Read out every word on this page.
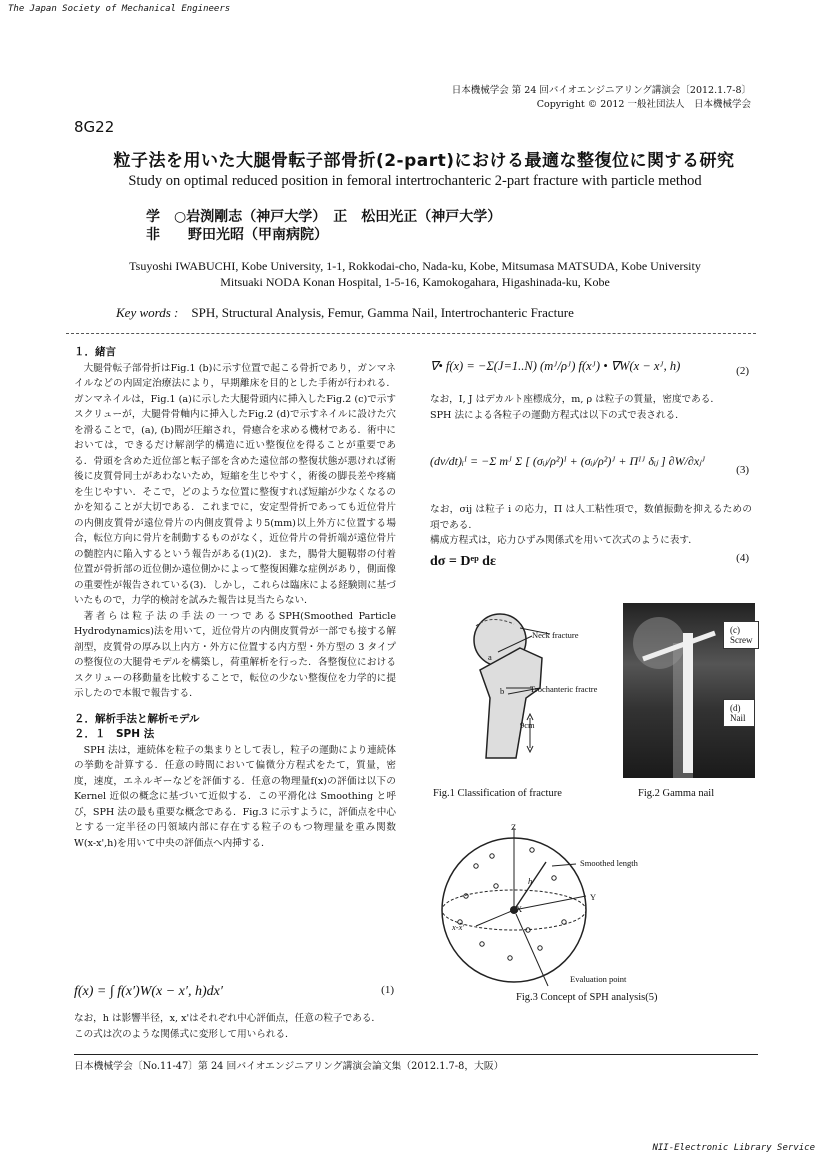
The Japan Society of Mechanical Engineers
NII-Electronic Library Service
日本機械学会 第 24 回バイオエンジニアリング講演会〔2012.1.7-8〕
Copyright © 2012 一般社団法人　日本機械学会
8G22
粒子法を用いた大腿骨転子部骨折(2-part)における最適な整復位に関する研究
Study on optimal reduced position in femoral intertrochanteric 2-part fracture with particle method
学　○岩渕剛志（神戸大学）　正　松田光正（神戸大学）
非　　野田光昭（甲南病院）
Tsuyoshi IWABUCHI, Kobe University, 1-1, Rokkodai-cho, Nada-ku, Kobe, Mitsumasa MATSUDA, Kobe University
Mitsuaki NODA Konan Hospital, 1-5-16, Kamokogahara, Higashinada-ku, Kobe
Key words : SPH, Structural Analysis, Femur, Gamma Nail, Intertrochanteric Fracture
１．緒言

大腿骨転子部骨折はFig.1 (b)に示す位置で起こる骨折であり，ガンマネイルなどの内固定治療法により，早期離床を目的とした手術が行われる．ガンマネイルは，Fig.1 (a)に示した大腿骨頭内に挿入したFig.2 (c)で示すスクリューが，大腿骨骨軸内に挿入したFig.2 (d)で示すネイルに設けた穴を滑ることで，(a), (b)間が圧縮され，骨癒合を求める機材である．術中においては，できるだけ解剖学的構造に近い整復位を得ることが重要である．骨頭を含めた近位部と転子部を含めた遠位部の整復状態が悪ければ術後に皮質骨同士があわないため，短縮を生じやすく，術後の脚長差や疼痛を生じやすい．そこで，どのような位置に整復すれば短縮が少なくなるのかを知ることが大切である．これまでに，安定型骨折であっても近位骨片の内側皮質骨が遠位骨片の内側皮質骨より5(mm)以上外方に位置する場合，転位方向に骨片を制動するものがなく，近位骨片の骨折端が遠位骨片の髄腔内に陥入するという報告がある(1)(2)．また，腸骨大腿靱帯の付着位置が骨折部の近位側か遠位側かによって整復困難な症例があり，側面像の重要性が報告されている(3)．しかし，これらは臨床による経験則に基づいたもので，力学的検討を試みた報告は見当たらない．

著者らは粒子法の手法の一つであるSPH(Smoothed Particle Hydrodynamics)法を用いて，近位骨片の内側皮質骨が一部でも接する解剖型，皮質骨の厚み以上内方・外方に位置する内方型・外方型の 3 タイプの整復位の大腿骨モデルを構築し，荷重解析を行った．各整復位におけるスクリューの移動量を比較することで，転位の少ない整復位を力学的に提示したので本報で報告する．

２．解析手法と解析モデル
２．１　SPH 法

SPH 法は，連続体を粒子の集まりとして表し，粒子の運動により連続体の挙動を計算する．任意の時間において偏微分方程式をたて，質量，密度，速度，エネルギーなどを評価する．任意の物理量f(x)の評価は以下の Kernel 近似の概念に基づいて近似する．この平滑化は Smoothing と呼び，SPH 法の最も重要な概念である．Fig.3 に示すように，評価点を中心とする一定半径の円領域内部に存在する粒子のもつ物理量を重み関数 W(x-x',h)を用いて中央の評価点へ内挿する．

f(x) = ∫ f(x′)W(x − x′, h)dx′	(1)

なお，h は影響半径，x, x'はそれぞれ中心評価点，任意の粒子である．

この式は次のような関係式に変形して用いられる．

∇• f(x) = −Σ(J=1..N) (mᴶ/ρᴶ) f(xᴶ) • ∇W(x − xᴶ, h)	(2)

なお，I, J はデカルト座標成分，m, ρ は粒子の質量，密度である．

SPH 法による各粒子の運動方程式は以下の式で表される．

(dv/dt)ᵢᴵ = −Σ mᴶ Σ [ (σᵢⱼ/ρ²)ᴵ + (σᵢⱼ/ρ²)ᴶ + Πᴵᴶ δᵢⱼ ] ∂W/∂xⱼᴶ
(3)

なお，σij は粒子 i の応力，Π は人工粘性項で，数値振動を抑えるための項である．

構成方程式は，応力ひずみ関係式を用いて次式のように表す．

dσ = Dᵉᵖ dε	(4)
Neck fracture
Trochanteric fractre
a
b
9cm
(c) Screw
(d) Nail
Fig.1 Classification of fracture	Fig.2 Gamma nail
Z
Y
X
h
x-x'
Smoothed length
Evaluation point
Fig.3 Concept of SPH analysis(5)
日本機械学会〔No.11-47〕第 24 回バイオエンジニアリング講演会論文集（2012.1.7-8，大阪）
